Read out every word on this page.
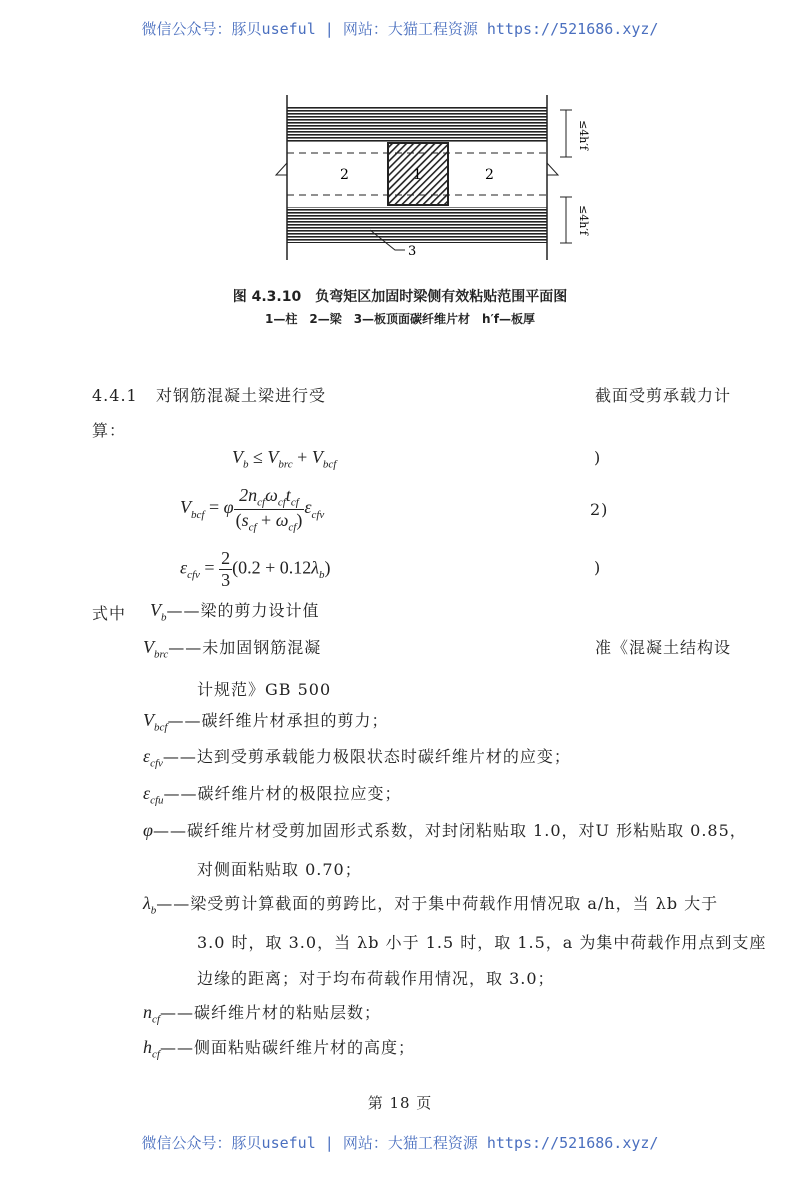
微信公众号：豚贝useful | 网站：大猫工程资源 https://521686.xyz/
≤4h′f
≤4h′f
2	1	2
3
图 4.3.10　负弯矩区加固时梁侧有效粘贴范围平面图
1—柱　2—梁　3—板顶面碳纤维片材　h′f—板厚
4.4.1 对钢筋混凝土梁进行受	截面受剪承载力计
算：
$V_b \le V_{brc} + V_{bcf}$	)
$V_{bcf} = \varphi \frac{2n_{cf}\omega_{cf}t_{cf}}{(s_{cf} + \omega_{cf})} \varepsilon_{cfv}$	2)
$\varepsilon_{cfv} = \frac{2}{3} (0.2 + 0.12\lambda_b)$	)
式中 $V_b——$梁的剪力设计值
$V_{brc}——$未加固钢筋混凝	准《混凝土结构设
计规范》GB 500
$V_{bcf}——$碳纤维片材承担的剪力；
$\varepsilon_{cfv}——$达到受剪承载能力极限状态时碳纤维片材的应变；
$\varepsilon_{cfu}——$碳纤维片材的极限拉应变；
φ——碳纤维片材受剪加固形式系数，对封闭粘贴取 1.0，对U 形粘贴取 0.85，
对侧面粘贴取 0.70；
$\lambda_b——$梁受剪计算截面的剪跨比，对于集中荷载作用情况取 a/h，当 λb 大于
3.0 时，取 3.0，当 λb 小于 1.5 时，取 1.5，a 为集中荷载作用点到支座
边缘的距离；对于均布荷载作用情况，取 3.0；
$n_{cf}——$碳纤维片材的粘贴层数；
$h_{cf}——$侧面粘贴碳纤维片材的高度；
第 18 页
微信公众号：豚贝useful | 网站：大猫工程资源 https://521686.xyz/
